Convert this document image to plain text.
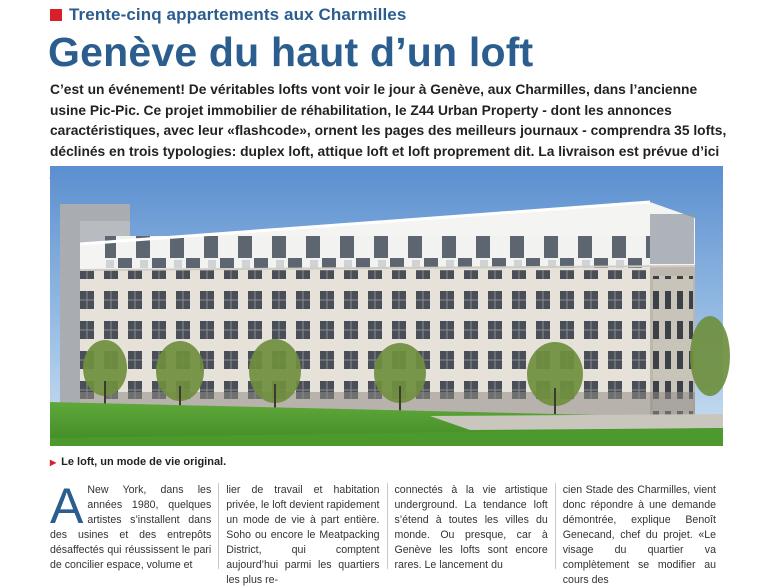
Trente-cinq appartements aux Charmilles
Genève du haut d’un loft
C’est un événement! De véritables lofts vont voir le jour à Genève, aux Charmilles, dans l’ancienne usine Pic-Pic. Ce projet immobilier de réhabilitation, le Z44 Urban Property - dont les annonces caractéristiques, avec leur «flashcode», ornent les pages des meilleurs journaux - comprendra 35 lofts, déclinés en trois typologies: duplex loft, attique loft et loft proprement dit. La livraison est prévue d’ici
▶ Le loft, un mode de vie original.
A New York, dans les années 1980, quelques artistes s’installent dans des usines et des entrepôts désaffectés qui réussissent le pari de concilier espace, volume et
lier de travail et habitation privée, le loft devient rapidement un mode de vie à part entière. Soho ou encore le Meatpacking District, qui comptent aujourd’hui parmi les quartiers les plus re-
connectés à la vie artistique underground. La tendance loft s’étend à toutes les villes du monde. Ou presque, car à Genève les lofts sont encore rares. Le lancement du
cien Stade des Charmilles, vient donc répondre à une demande démontrée, explique Benoît Genecand, chef du projet. «Le visage du quartier va complètement se modifier au cours des
